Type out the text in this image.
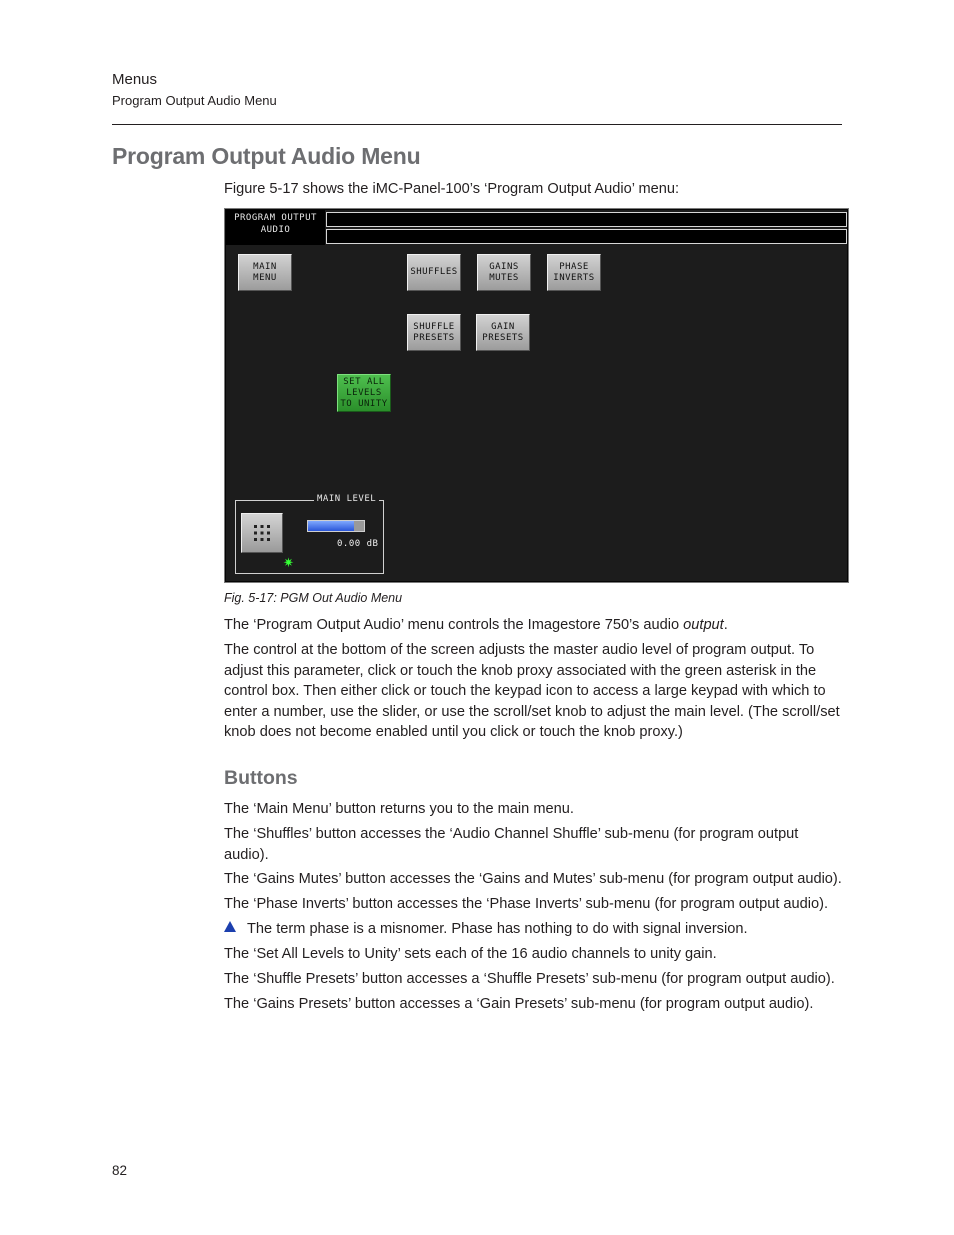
Menus
Program Output Audio Menu
Program Output Audio Menu

Figure 5-17 shows the iMC-Panel-100’s ‘Program Output Audio’ menu:

PROGRAM OUTPUT
AUDIO
MAIN
MENU
SHUFFLES
GAINS
MUTES
PHASE
INVERTS
SHUFFLE
PRESETS
GAIN
PRESETS
SET ALL
LEVELS
TO UNITY
MAIN LEVEL
0.00 dB
✷
Fig. 5-17: PGM Out Audio Menu

The ‘Program Output Audio’ menu controls the Imagestore 750’s audio output.

The control at the bottom of the screen adjusts the master audio level of program output. To adjust this parameter, click or touch the knob proxy associated with the green asterisk in the control box. Then either click or touch the keypad icon to access a large keypad with which to enter a number, use the slider, or use the scroll/set knob to adjust the main level. (The scroll/set knob does not become enabled until you click or touch the knob proxy.)

Buttons

The ‘Main Menu’ button returns you to the main menu.

The ‘Shuffles’ button accesses the ‘Audio Channel Shuffle’ sub-menu (for program output audio).

The ‘Gains Mutes’ button accesses the ‘Gains and Mutes’ sub-menu (for program output audio).

The ‘Phase Inverts’ button accesses the ‘Phase Inverts’ sub-menu (for program output audio).

The term phase is a misnomer. Phase has nothing to do with signal inversion.

The ‘Set All Levels to Unity’ sets each of the 16 audio channels to unity gain.

The ‘Shuffle Presets’ button accesses a ‘Shuffle Presets’ sub-menu (for program output audio).

The ‘Gains Presets’ button accesses a ‘Gain Presets’ sub-menu (for program output audio).

82
